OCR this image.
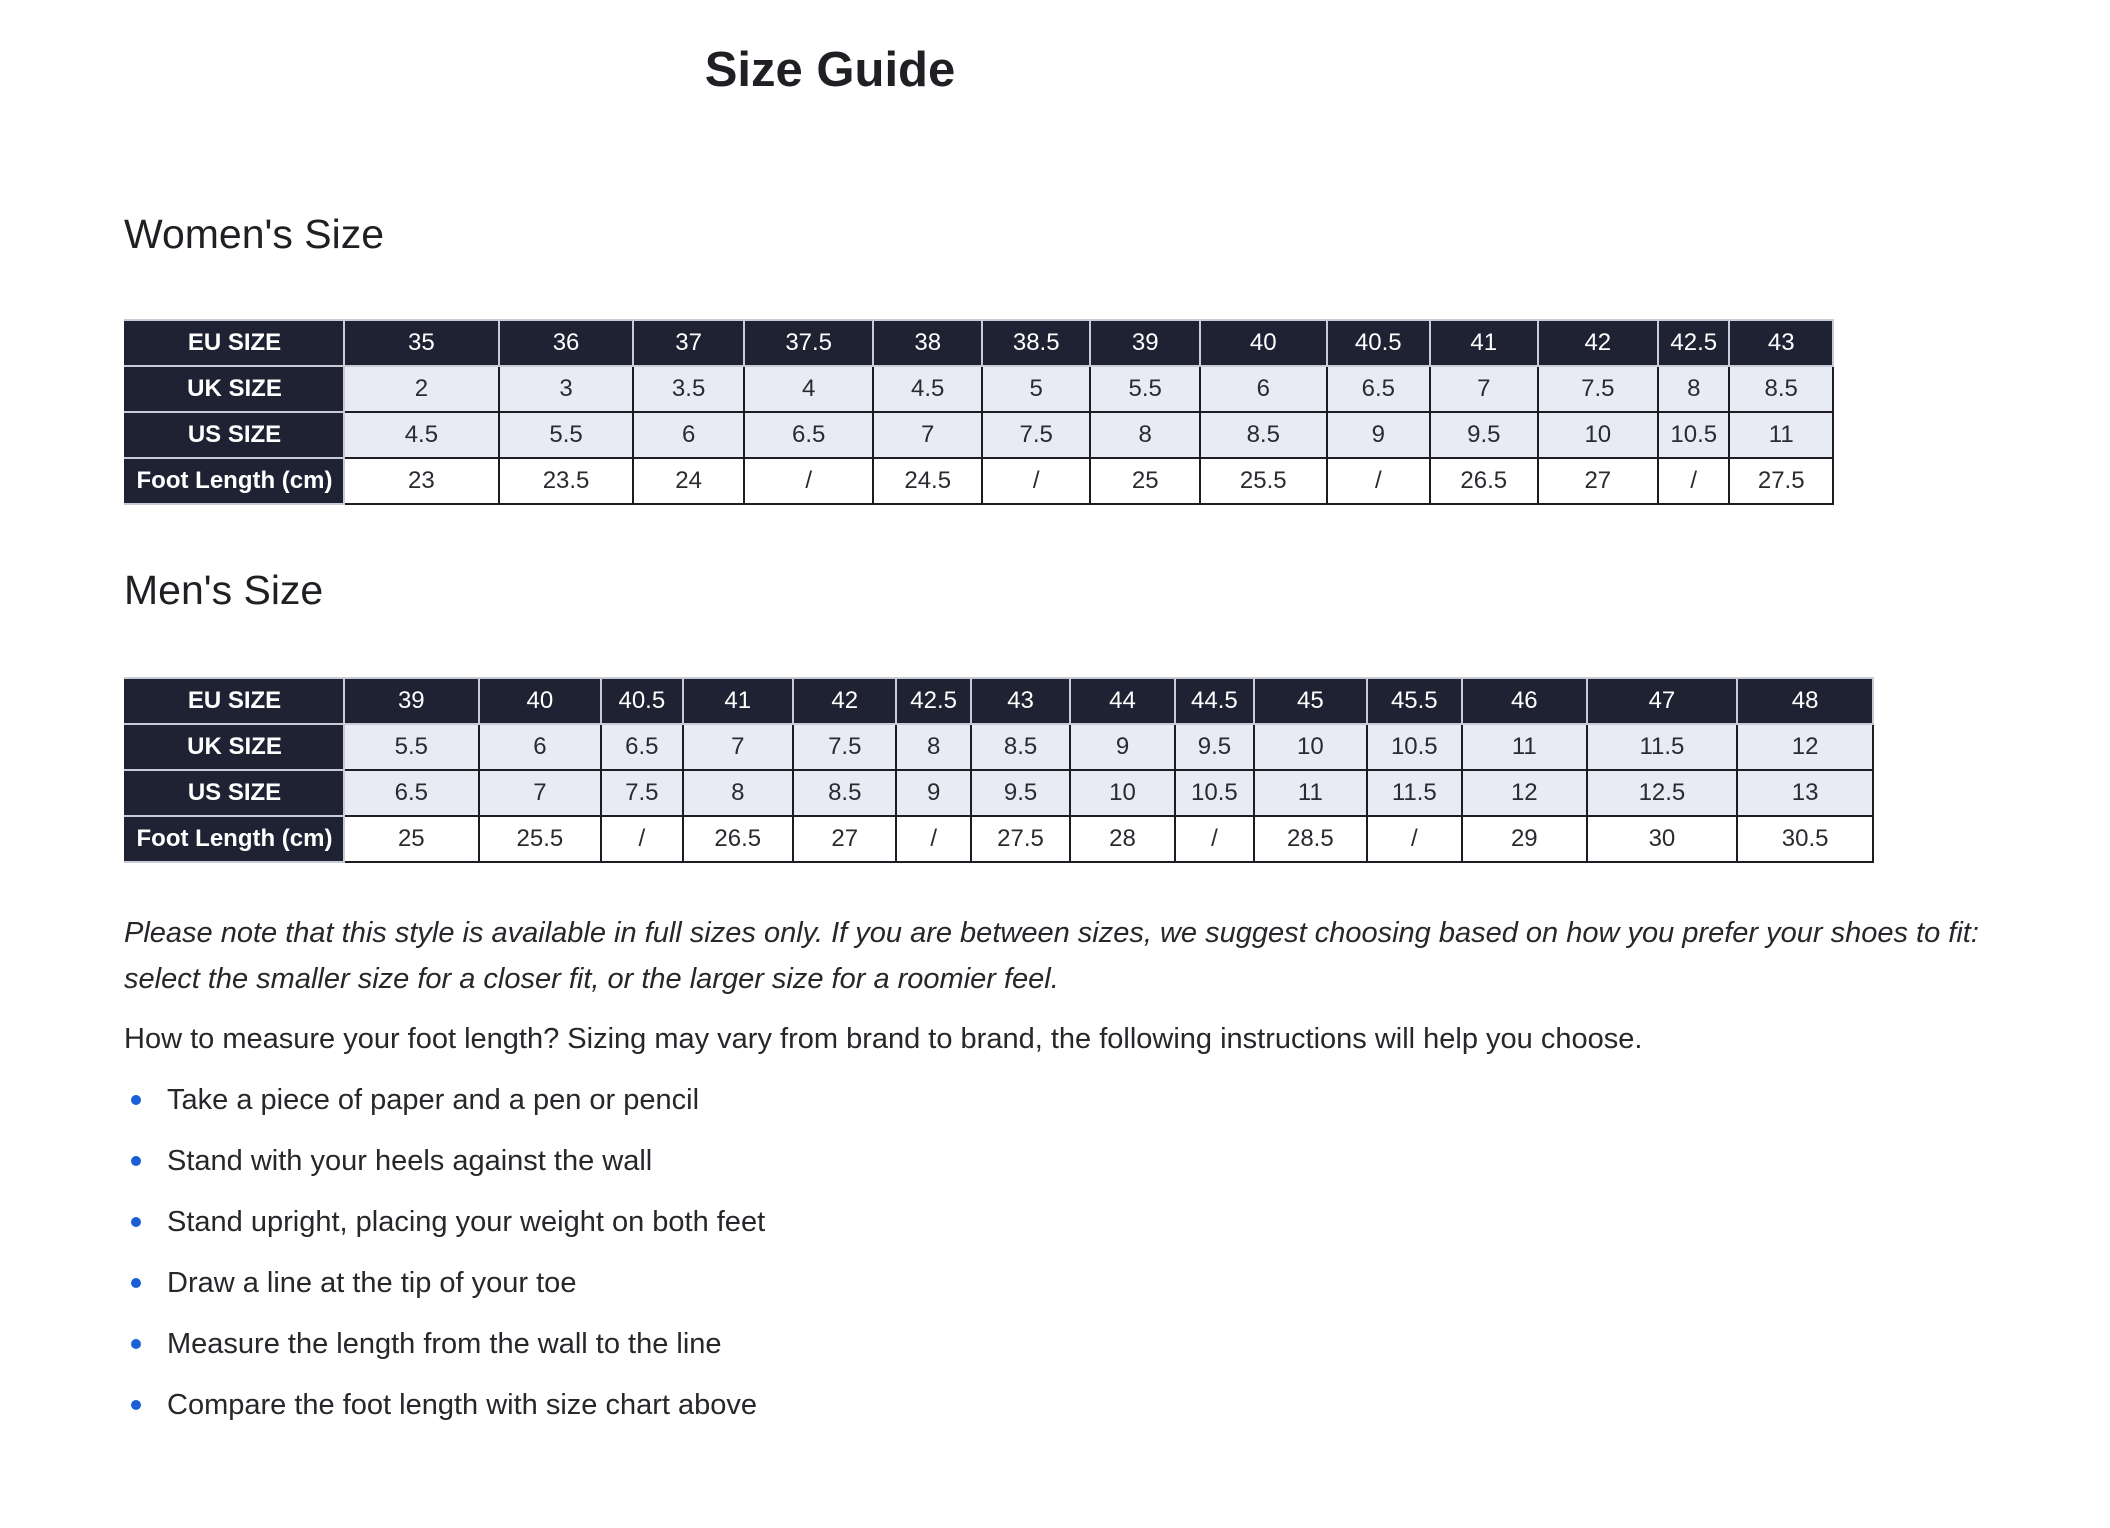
Size Guide
Women's Size
EU SIZE	35	36	37	37.5	38	38.5	39	40	40.5	41	42	42.5	43
UK SIZE	2	3	3.5	4	4.5	5	5.5	6	6.5	7	7.5	8	8.5
US SIZE	4.5	5.5	6	6.5	7	7.5	8	8.5	9	9.5	10	10.5	11
Foot Length (cm)	23	23.5	24	/	24.5	/	25	25.5	/	26.5	27	/	27.5
Men's Size
EU SIZE	39	40	40.5	41	42	42.5	43	44	44.5	45	45.5	46	47	48
UK SIZE	5.5	6	6.5	7	7.5	8	8.5	9	9.5	10	10.5	11	11.5	12
US SIZE	6.5	7	7.5	8	8.5	9	9.5	10	10.5	11	11.5	12	12.5	13
Foot Length (cm)	25	25.5	/	26.5	27	/	27.5	28	/	28.5	/	29	30	30.5

Please note that this style is available in full sizes only. If you are between sizes, we suggest choosing based on how you prefer your shoes to fit: select the smaller size for a closer fit, or the larger size for a roomier feel.

How to measure your foot length? Sizing may vary from brand to brand, the following instructions will help you choose.

Take a piece of paper and a pen or pencil
Stand with your heels against the wall
Stand upright, placing your weight on both feet
Draw a line at the tip of your toe
Measure the length from the wall to the line
Compare the foot length with size chart above
